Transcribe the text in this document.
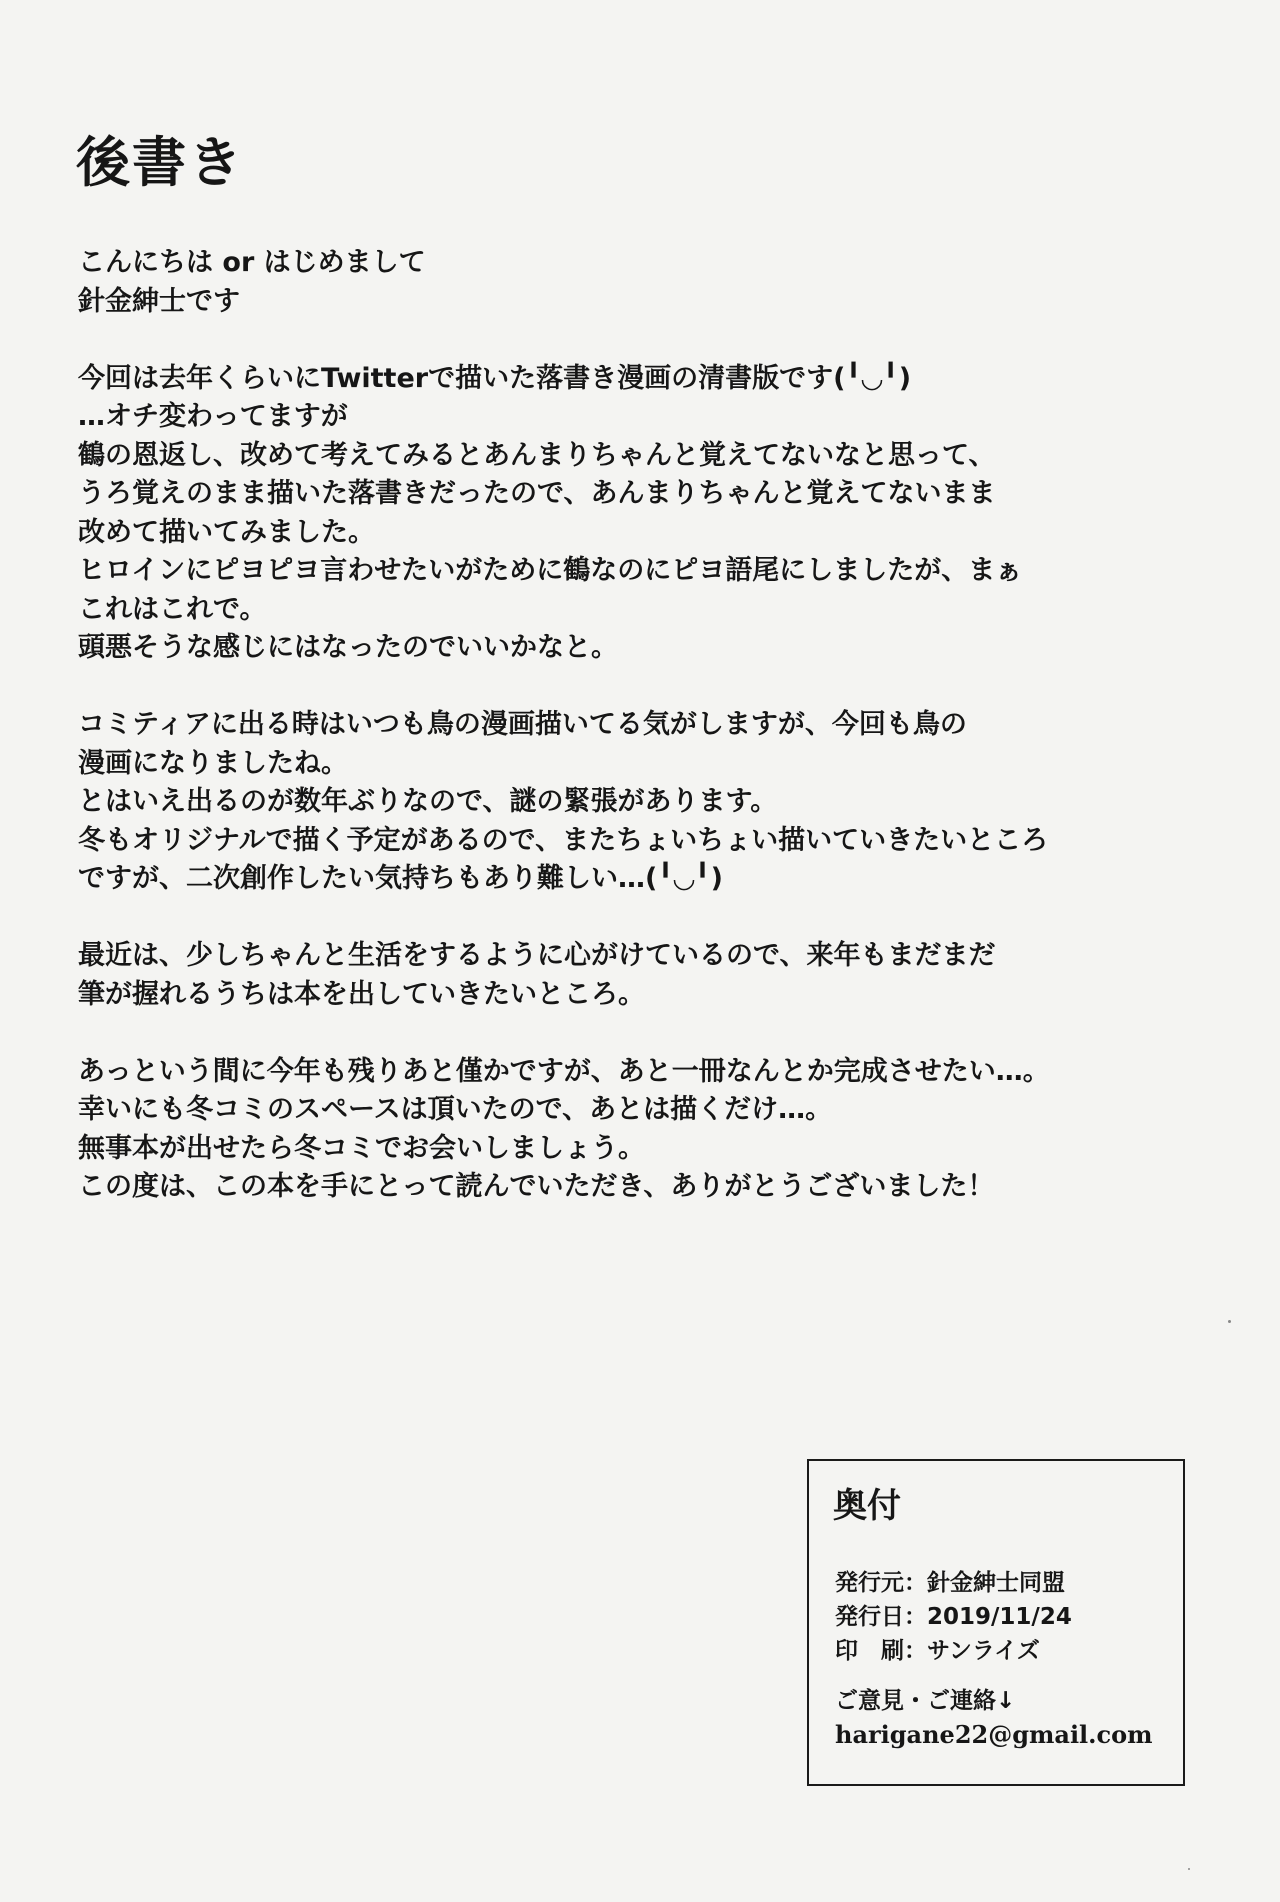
後書き
こんにちは or はじめまして
針金紳士です
今回は去年くらいにTwitterで描いた落書き漫画の清書版です(╹◡╹)
…オチ変わってますが
鶴の恩返し、改めて考えてみるとあんまりちゃんと覚えてないなと思って、
うろ覚えのまま描いた落書きだったので、あんまりちゃんと覚えてないまま
改めて描いてみました。
ヒロインにピヨピヨ言わせたいがために鶴なのにピヨ語尾にしましたが、まぁ
これはこれで。
頭悪そうな感じにはなったのでいいかなと。
コミティアに出る時はいつも鳥の漫画描いてる気がしますが、今回も鳥の
漫画になりましたね。
とはいえ出るのが数年ぶりなので、謎の緊張があります。
冬もオリジナルで描く予定があるので、またちょいちょい描いていきたいところ
ですが、二次創作したい気持ちもあり難しい…(╹◡╹)
最近は、少しちゃんと生活をするように心がけているので、来年もまだまだ
筆が握れるうちは本を出していきたいところ。
あっという間に今年も残りあと僅かですが、あと一冊なんとか完成させたい…。
幸いにも冬コミのスペースは頂いたので、あとは描くだけ…。
無事本が出せたら冬コミでお会いしましょう。
この度は、この本を手にとって読んでいただき、ありがとうございました！
奥付
発行元：針金紳士同盟
発行日：2019/11/24
印　刷：サンライズ
ご意見・ご連絡↓
harigane22@gmail.com
